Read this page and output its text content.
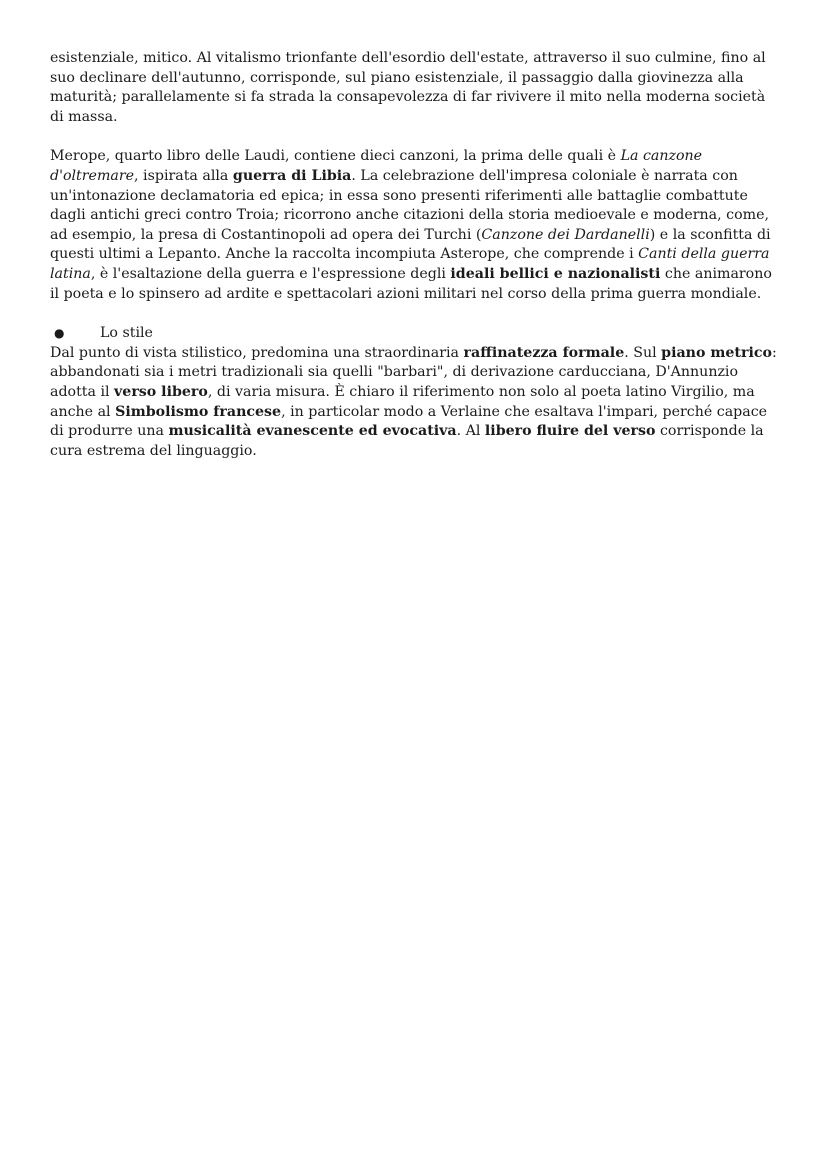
esistenziale, mitico. Al vitalismo trionfante dell'esordio dell'estate, attraverso il suo culmine, fino al suo declinare dell'autunno, corrisponde, sul piano esistenziale, il passaggio dalla giovinezza alla maturità; parallelamente si fa strada la consapevolezza di far rivivere il mito nella moderna società di massa.

Merope, quarto libro delle Laudi, contiene dieci canzoni, la prima delle quali è La canzone d'oltremare, ispirata alla guerra di Libia. La celebrazione dell'impresa coloniale è narrata con un'intonazione declamatoria ed epica; in essa sono presenti riferimenti alle battaglie combattute dagli antichi greci contro Troia; ricorrono anche citazioni della storia medioevale e moderna, come, ad esempio, la presa di Costantinopoli ad opera dei Turchi (Canzone dei Dardanelli) e la sconfitta di questi ultimi a Lepanto. Anche la raccolta incompiuta Asterope, che comprende i Canti della guerra latina, è l'esaltazione della guerra e l'espressione degli ideali bellici e nazionalisti che animarono il poeta e lo spinsero ad ardite e spettacolari azioni militari nel corso della prima guerra mondiale.

●	Lo stile

Dal punto di vista stilistico, predomina una straordinaria raffinatezza formale. Sul piano metrico: abbandonati sia i metri tradizionali sia quelli "barbari", di derivazione carducciana, D'Annunzio adotta il verso libero, di varia misura. È chiaro il riferimento non solo al poeta latino Virgilio, ma anche al Simbolismo francese, in particolar modo a Verlaine che esaltava l'impari, perché capace di produrre una musicalità evanescente ed evocativa. Al libero fluire del verso corrisponde la cura estrema del linguaggio.
